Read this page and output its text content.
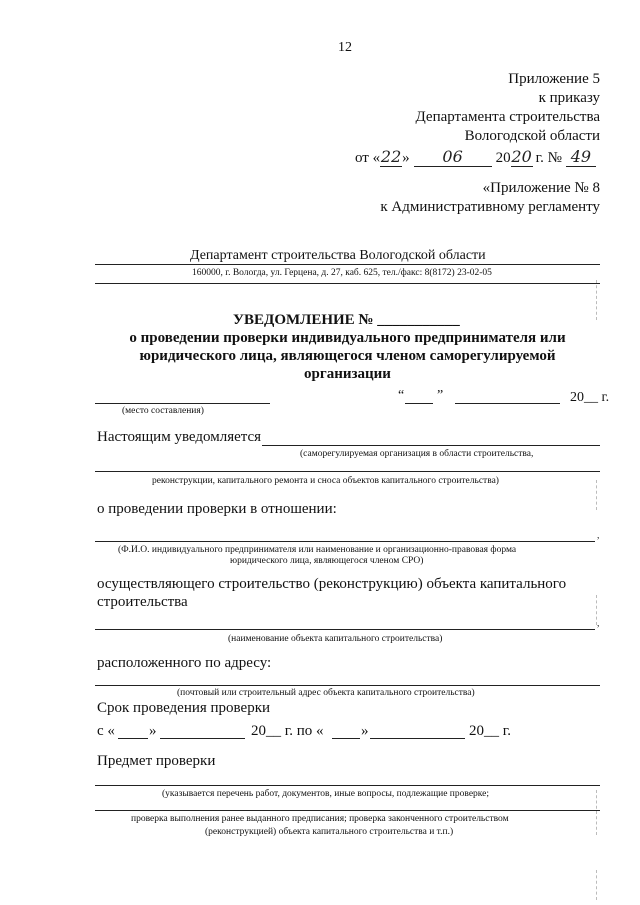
12
Приложение 5
к приказу
Департамента строительства
Вологодской области
от «22» 06 2020 г. № 49
«Приложение № 8
к Административному регламенту
Департамент строительства Вологодской области
160000, г. Вологда, ул. Герцена, д. 27, каб. 625, тел./факс: 8(8172) 23-02-05
УВЕДОМЛЕНИЕ № ___________
о проведении проверки индивидуального предпринимателя или
юридического лица, являющегося членом саморегулируемой
организации
(место составления)
“ ”	20__ г.
Настоящим уведомляется
(саморегулируемая организация в области строительства,
реконструкции, капитального ремонта и сноса объектов капитального строительства)
о проведении проверки в отношении:
,
(Ф.И.О. индивидуального предпринимателя или наименование и организационно-правовая форма
юридического лица, являющегося членом СРО)
осуществляющего строительство (реконструкцию) объекта капитального
строительства
,
(наименование объекта капитального строительства)
расположенного по адресу:
(почтовый или строительный адрес объекта капитального строительства)
Срок проведения проверки
с « »	20__ г. по «	»	20__ г.
Предмет проверки
(указывается перечень работ, документов, иные вопросы, подлежащие проверке;
проверка выполнения ранее выданного предписания; проверка законченного строительством
(реконструкцией) объекта капитального строительства и т.п.)
